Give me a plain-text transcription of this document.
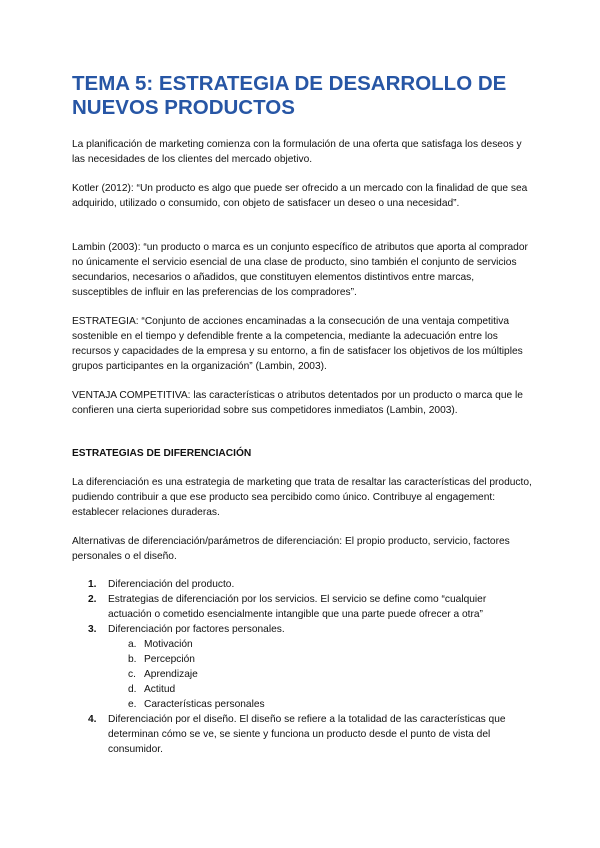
TEMA 5: ESTRATEGIA DE DESARROLLO DE NUEVOS PRODUCTOS

La planificación de marketing comienza con la formulación de una oferta que satisfaga los deseos y las necesidades de los clientes del mercado objetivo.

Kotler (2012): “Un producto es algo que puede ser ofrecido a un mercado con la finalidad de que sea adquirido, utilizado o consumido, con objeto de satisfacer un deseo o una necesidad”.

Lambin (2003): “un producto o marca es un conjunto específico de atributos que aporta al comprador no únicamente el servicio esencial de una clase de producto, sino también el conjunto de servicios secundarios, necesarios o añadidos, que constituyen elementos distintivos entre marcas, susceptibles de influir en las preferencias de los compradores”.

ESTRATEGIA: “Conjunto de acciones encaminadas a la consecución de una ventaja competitiva sostenible en el tiempo y defendible frente a la competencia, mediante la adecuación entre los recursos y capacidades de la empresa y su entorno, a fin de satisfacer los objetivos de los múltiples grupos participantes en la organización” (Lambin, 2003).

VENTAJA COMPETITIVA: las características o atributos detentados por un producto o marca que le confieren una cierta superioridad sobre sus competidores inmediatos (Lambin, 2003).

ESTRATEGIAS DE DIFERENCIACIÓN

La diferenciación es una estrategia de marketing que trata de resaltar las características del producto, pudiendo contribuir a que ese producto sea percibido como único. Contribuye al engagement: establecer relaciones duraderas.

Alternativas de diferenciación/parámetros de diferenciación: El propio producto, servicio, factores personales o el diseño.

1. Diferenciación del producto.
2. Estrategias de diferenciación por los servicios. El servicio se define como “cualquier actuación o cometido esencialmente intangible que una parte puede ofrecer a otra”
3. Diferenciación por factores personales.
a. Motivación
b. Percepción
c. Aprendizaje
d. Actitud
e. Características personales
4. Diferenciación por el diseño. El diseño se refiere a la totalidad de las características que determinan cómo se ve, se siente y funciona un producto desde el punto de vista del consumidor.
